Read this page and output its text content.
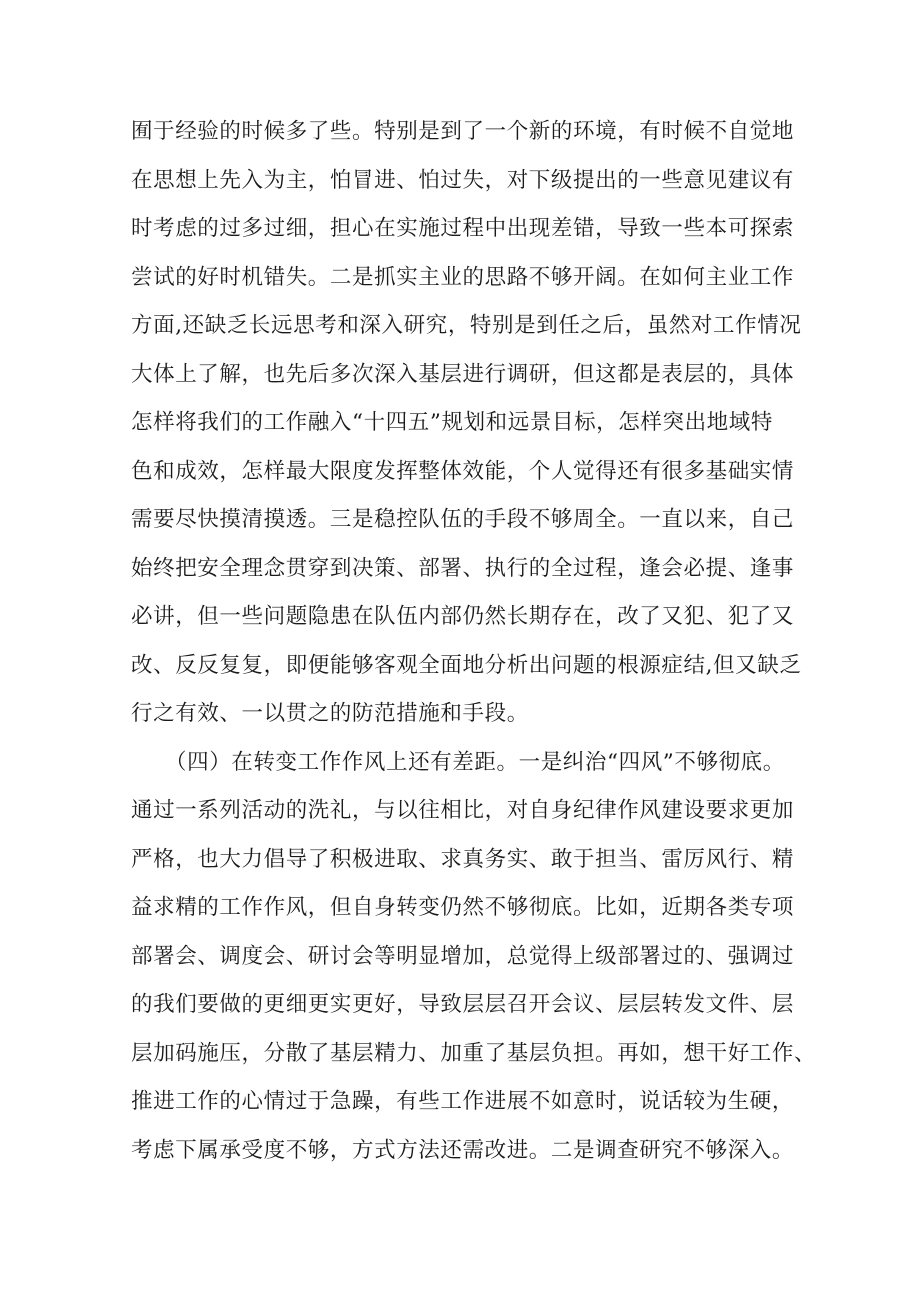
囿于经验的时候多了些。特别是到了一个新的环境，有时候不自觉地
在思想上先入为主，怕冒进、怕过失，对下级提出的一些意见建议有
时考虑的过多过细，担心在实施过程中出现差错，导致一些本可探索
尝试的好时机错失。二是抓实主业的思路不够开阔。在如何主业工作
方面,还缺乏长远思考和深入研究，特别是到任之后，虽然对工作情况
大体上了解，也先后多次深入基层进行调研，但这都是表层的，具体
怎样将我们的工作融入“十四五”规划和远景目标，怎样突出地域特
色和成效，怎样最大限度发挥整体效能，个人觉得还有很多基础实情
需要尽快摸清摸透。三是稳控队伍的手段不够周全。一直以来，自己
始终把安全理念贯穿到决策、部署、执行的全过程，逢会必提、逢事
必讲，但一些问题隐患在队伍内部仍然长期存在，改了又犯、犯了又
改、反反复复，即便能够客观全面地分析出问题的根源症结,但又缺乏
行之有效、一以贯之的防范措施和手段。
（四）在转变工作作风上还有差距。一是纠治“四风”不够彻底。
通过一系列活动的洗礼，与以往相比，对自身纪律作风建设要求更加
严格，也大力倡导了积极进取、求真务实、敢于担当、雷厉风行、精
益求精的工作作风，但自身转变仍然不够彻底。比如，近期各类专项
部署会、调度会、研讨会等明显增加，总觉得上级部署过的、强调过
的我们要做的更细更实更好，导致层层召开会议、层层转发文件、层
层加码施压，分散了基层精力、加重了基层负担。再如，想干好工作、
推进工作的心情过于急躁，有些工作进展不如意时，说话较为生硬，
考虑下属承受度不够，方式方法还需改进。二是调查研究不够深入。
